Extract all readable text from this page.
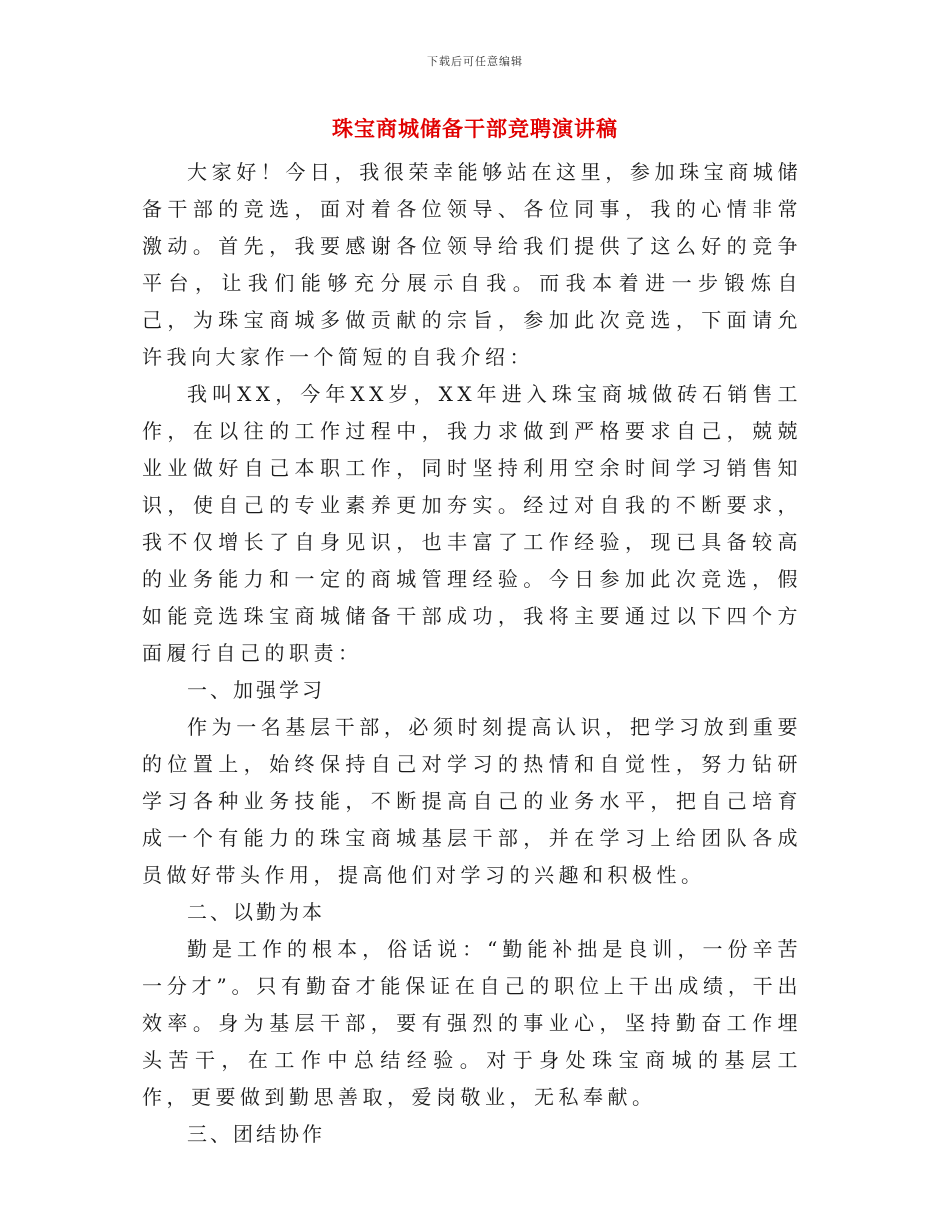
下载后可任意编辑
珠宝商城储备干部竞聘演讲稿

大家好！今日，我很荣幸能够站在这里，参加珠宝商城储备干部的竞选，面对着各位领导、各位同事，我的心情非常激动。首先，我要感谢各位领导给我们提供了这么好的竞争平台，让我们能够充分展示自我。而我本着进一步锻炼自己，为珠宝商城多做贡献的宗旨，参加此次竞选，下面请允许我向大家作一个简短的自我介绍：

我叫XX，今年XX岁，XX年进入珠宝商城做砖石销售工作，在以往的工作过程中，我力求做到严格要求自己，兢兢业业做好自己本职工作，同时坚持利用空余时间学习销售知识，使自己的专业素养更加夯实。经过对自我的不断要求，我不仅增长了自身见识，也丰富了工作经验，现已具备较高的业务能力和一定的商城管理经验。今日参加此次竞选，假如能竞选珠宝商城储备干部成功，我将主要通过以下四个方面履行自己的职责：

一、加强学习

作为一名基层干部，必须时刻提高认识，把学习放到重要的位置上，始终保持自己对学习的热情和自觉性，努力钻研学习各种业务技能，不断提高自己的业务水平，把自己培育成一个有能力的珠宝商城基层干部，并在学习上给团队各成员做好带头作用，提高他们对学习的兴趣和积极性。

二、以勤为本

勤是工作的根本，俗话说：“勤能补拙是良训，一份辛苦一分才”。只有勤奋才能保证在自己的职位上干出成绩，干出效率。身为基层干部，要有强烈的事业心，坚持勤奋工作埋头苦干，在工作中总结经验。对于身处珠宝商城的基层工作，更要做到勤思善取，爱岗敬业，无私奉献。

三、团结协作
